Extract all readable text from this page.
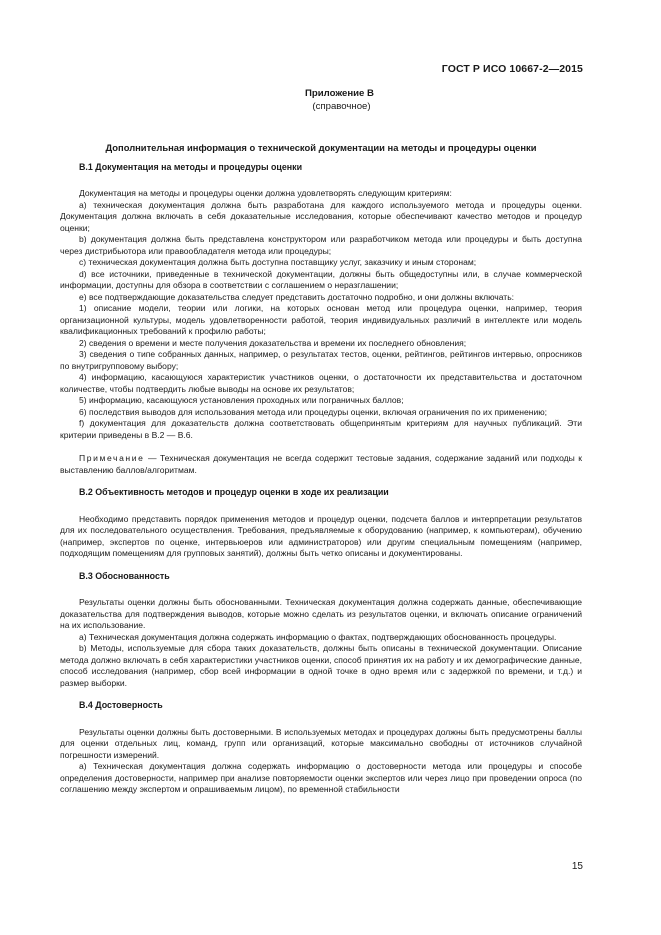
ГОСТ Р ИСО 10667-2—2015
Приложение В
(справочное)
Дополнительная информация о технической документации на методы и процедуры оценки
В.1 Документация на методы и процедуры оценки

Документация на методы и процедуры оценки должна удовлетворять следующим критериям:

а) техническая документация должна быть разработана для каждого используемого метода и процедуры оценки. Документация должна включать в себя доказательные исследования, которые обеспечивают качество методов и процедур оценки;

b) документация должна быть представлена конструктором или разработчиком метода или процедуры и быть доступна через дистрибьютора или правообладателя метода или процедуры;

с) техническая документация должна быть доступна поставщику услуг, заказчику и иным сторонам;

d) все источники, приведенные в технической документации, должны быть общедоступны или, в случае коммерческой информации, доступны для обзора в соответствии с соглашением о неразглашении;

е) все подтверждающие доказательства следует представить достаточно подробно, и они должны включать:

1) описание модели, теории или логики, на которых основан метод или процедура оценки, например, теория организационной культуры, модель удовлетворенности работой, теория индивидуальных различий в интеллекте или модель квалификационных требований к профилю работы;

2) сведения о времени и месте получения доказательства и времени их последнего обновления;

3) сведения о типе собранных данных, например, о результатах тестов, оценки, рейтингов, рейтингов интервью, опросников по внутригрупповому выбору;

4) информацию, касающуюся характеристик участников оценки, о достаточности их представительства и достаточном количестве, чтобы подтвердить любые выводы на основе их результатов;

5) информацию, касающуюся установления проходных или пограничных баллов;

6) последствия выводов для использования метода или процедуры оценки, включая ограничения по их применению;

f) документация для доказательств должна соответствовать общепринятым критериям для научных публикаций. Эти критерии приведены в В.2 — В.6.

Примечание — Техническая документация не всегда содержит тестовые задания, содержание заданий или подходы к выставлению баллов/алгоритмам.

В.2 Объективность методов и процедур оценки в ходе их реализации

Необходимо представить порядок применения методов и процедур оценки, подсчета баллов и интерпретации результатов для их последовательного осуществления. Требования, предъявляемые к оборудованию (например, к компьютерам), обучению (например, экспертов по оценке, интервьюеров или администраторов) или другим специальным помещениям (например, подходящим помещениям для групповых занятий), должны быть четко описаны и документированы.

В.3 Обоснованность

Результаты оценки должны быть обоснованными. Техническая документация должна содержать данные, обеспечивающие доказательства для подтверждения выводов, которые можно сделать из результатов оценки, и включать описание ограничений на их использование.

а) Техническая документация должна содержать информацию о фактах, подтверждающих обоснованность процедуры.

b) Методы, используемые для сбора таких доказательств, должны быть описаны в технической документации. Описание метода должно включать в себя характеристики участников оценки, способ принятия их на работу и их демографические данные, способ исследования (например, сбор всей информации в одной точке в одно время или с задержкой по времени, и т.д.) и размер выборки.

В.4 Достоверность

Результаты оценки должны быть достоверными. В используемых методах и процедурах должны быть предусмотрены баллы для оценки отдельных лиц, команд, групп или организаций, которые максимально свободны от источников случайной погрешности измерений.

а) Техническая документация должна содержать информацию о достоверности метода или процедуры и способе определения достоверности, например при анализе повторяемости оценки экспертов или через лицо при проведении опроса (по соглашению между экспертом и опрашиваемым лицом), по временной стабильности

15
